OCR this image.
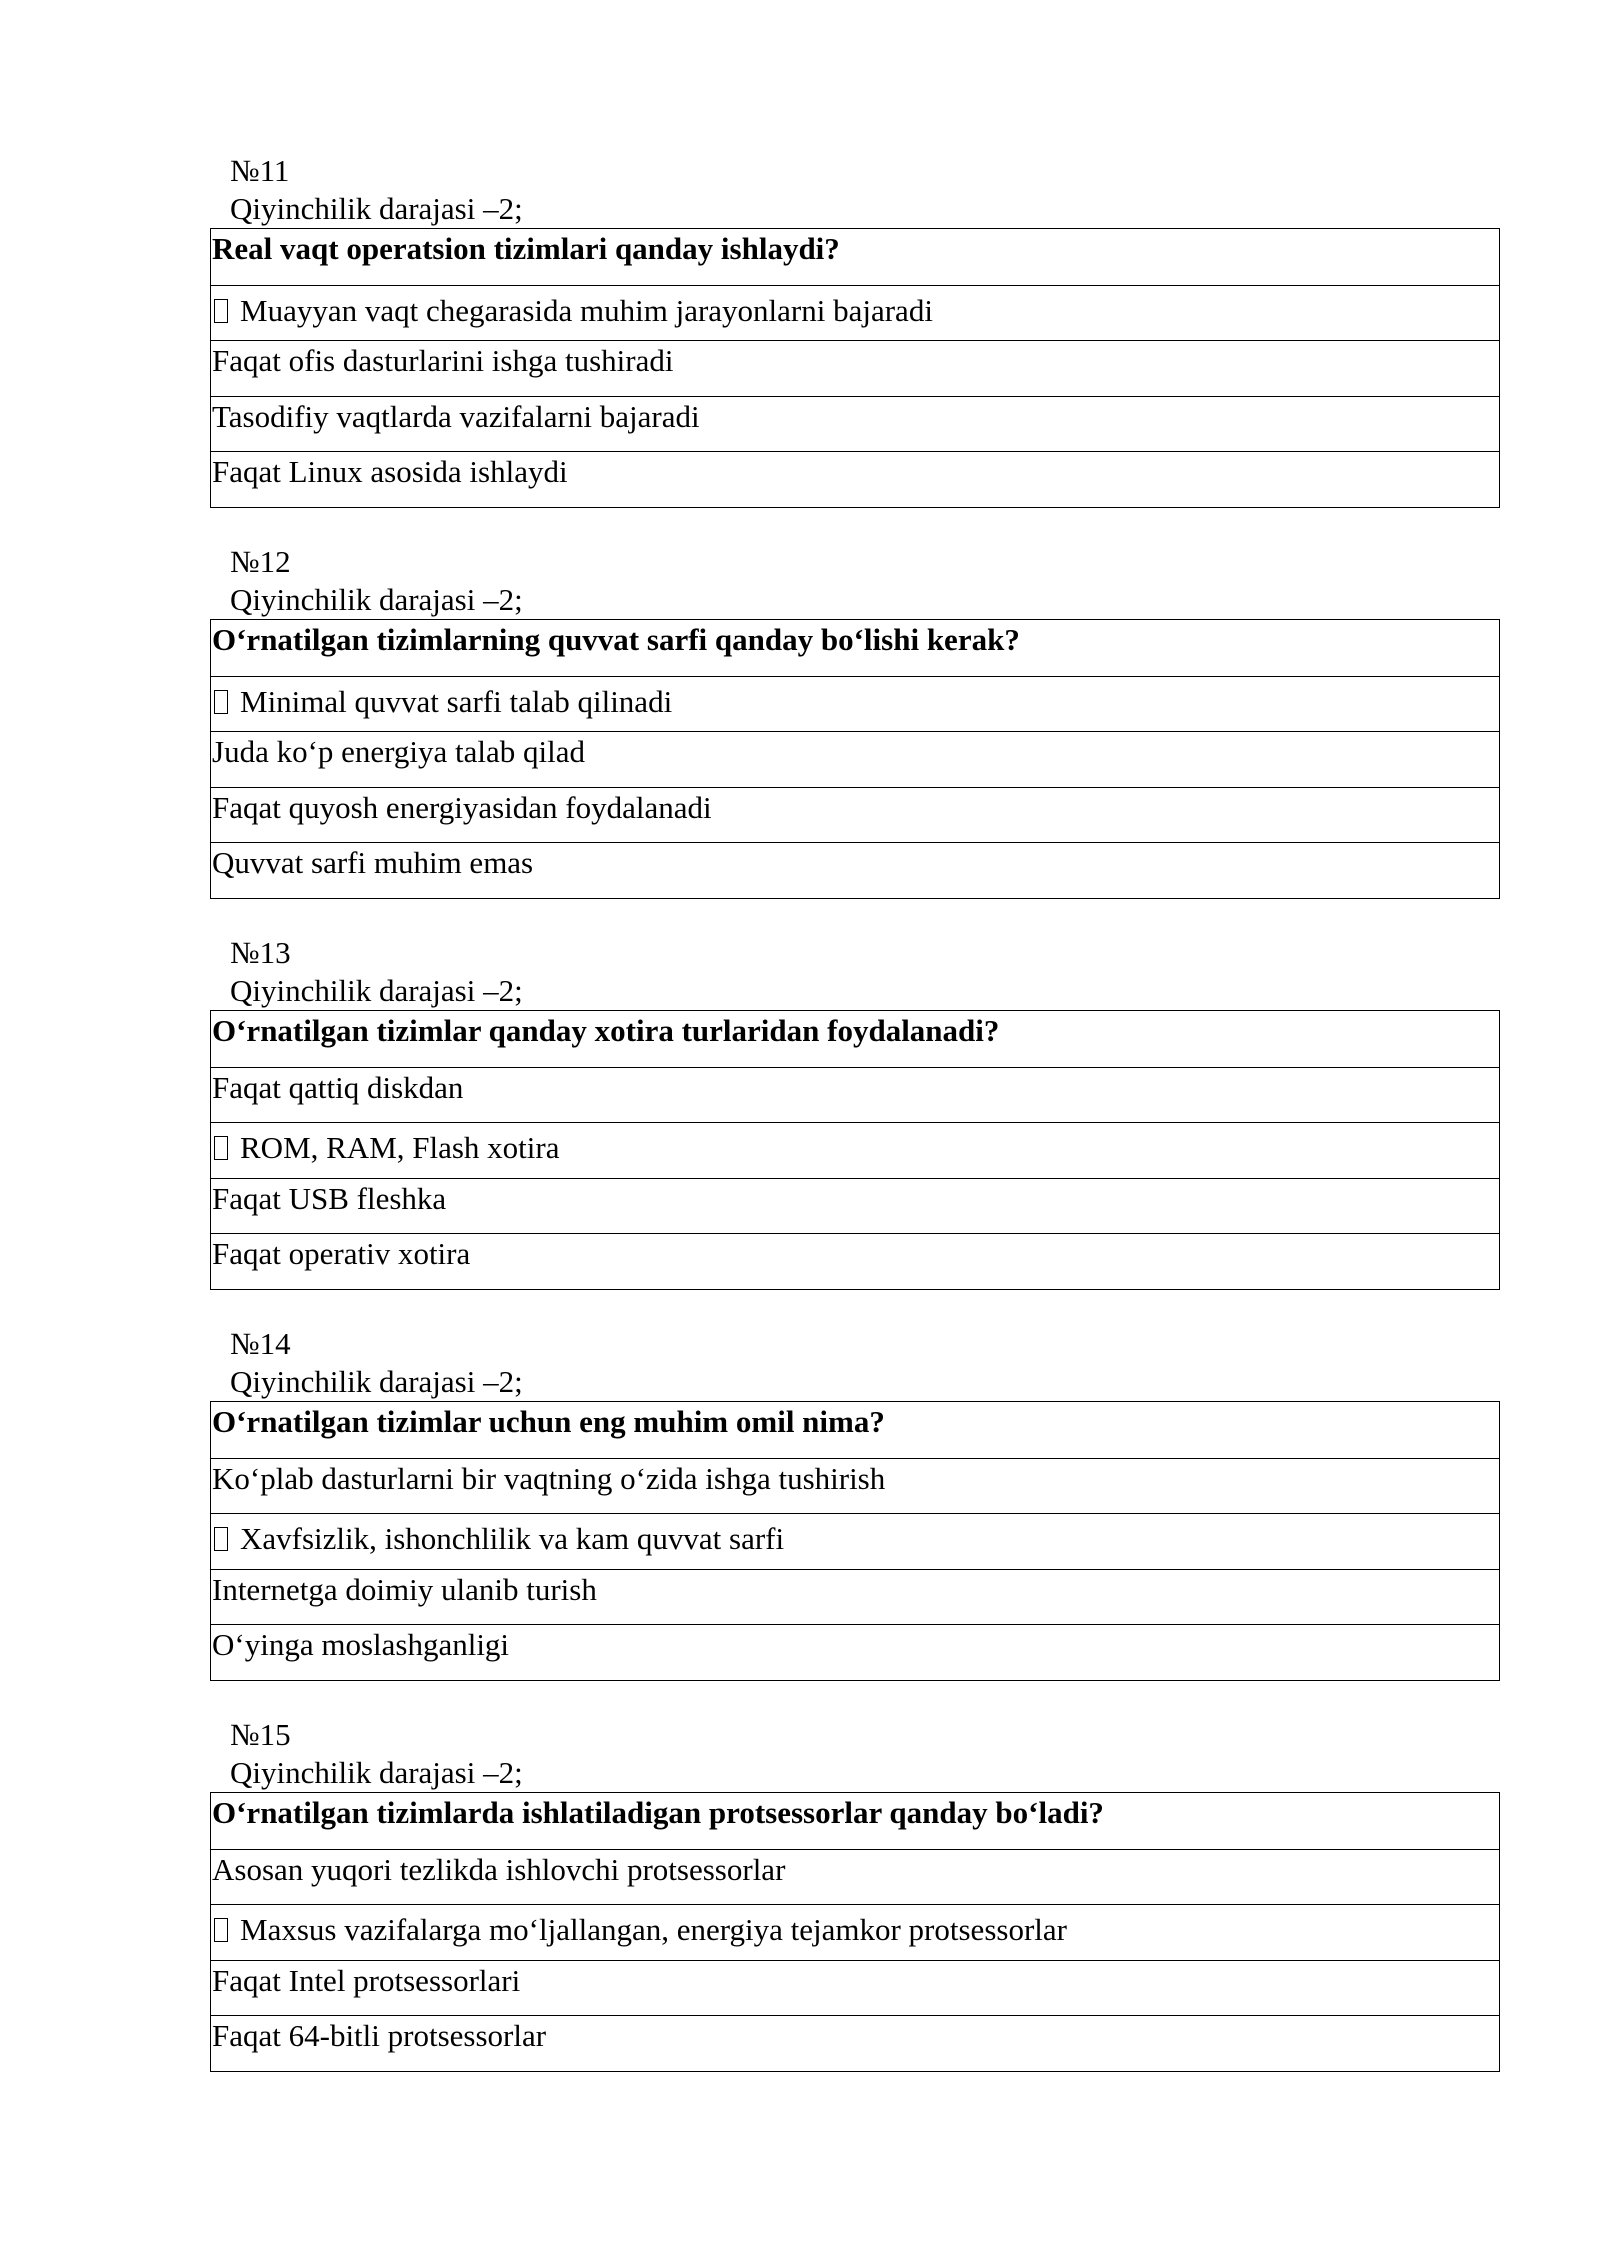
№11
Qiyinchilik darajasi –2;
Real vaqt operatsion tizimlari qanday ishlaydi?
Muayyan vaqt chegarasida muhim jarayonlarni bajaradi
Faqat ofis dasturlarini ishga tushiradi
Tasodifiy vaqtlarda vazifalarni bajaradi
Faqat Linux asosida ishlaydi
№12
Qiyinchilik darajasi –2;
O‘rnatilgan tizimlarning quvvat sarfi qanday bo‘lishi kerak?
Minimal quvvat sarfi talab qilinadi
Juda ko‘p energiya talab qilad
Faqat quyosh energiyasidan foydalanadi
Quvvat sarfi muhim emas
№13
Qiyinchilik darajasi –2;
O‘rnatilgan tizimlar qanday xotira turlaridan foydalanadi?
Faqat qattiq diskdan
ROM, RAM, Flash xotira
Faqat USB fleshka
Faqat operativ xotira
№14
Qiyinchilik darajasi –2;
O‘rnatilgan tizimlar uchun eng muhim omil nima?
Ko‘plab dasturlarni bir vaqtning o‘zida ishga tushirish
Xavfsizlik, ishonchlilik va kam quvvat sarfi
Internetga doimiy ulanib turish
O‘yinga moslashganligi
№15
Qiyinchilik darajasi –2;
O‘rnatilgan tizimlarda ishlatiladigan protsessorlar qanday bo‘ladi?
Asosan yuqori tezlikda ishlovchi protsessorlar
Maxsus vazifalarga mo‘ljallangan, energiya tejamkor protsessorlar
Faqat Intel protsessorlari
Faqat 64-bitli protsessorlar
